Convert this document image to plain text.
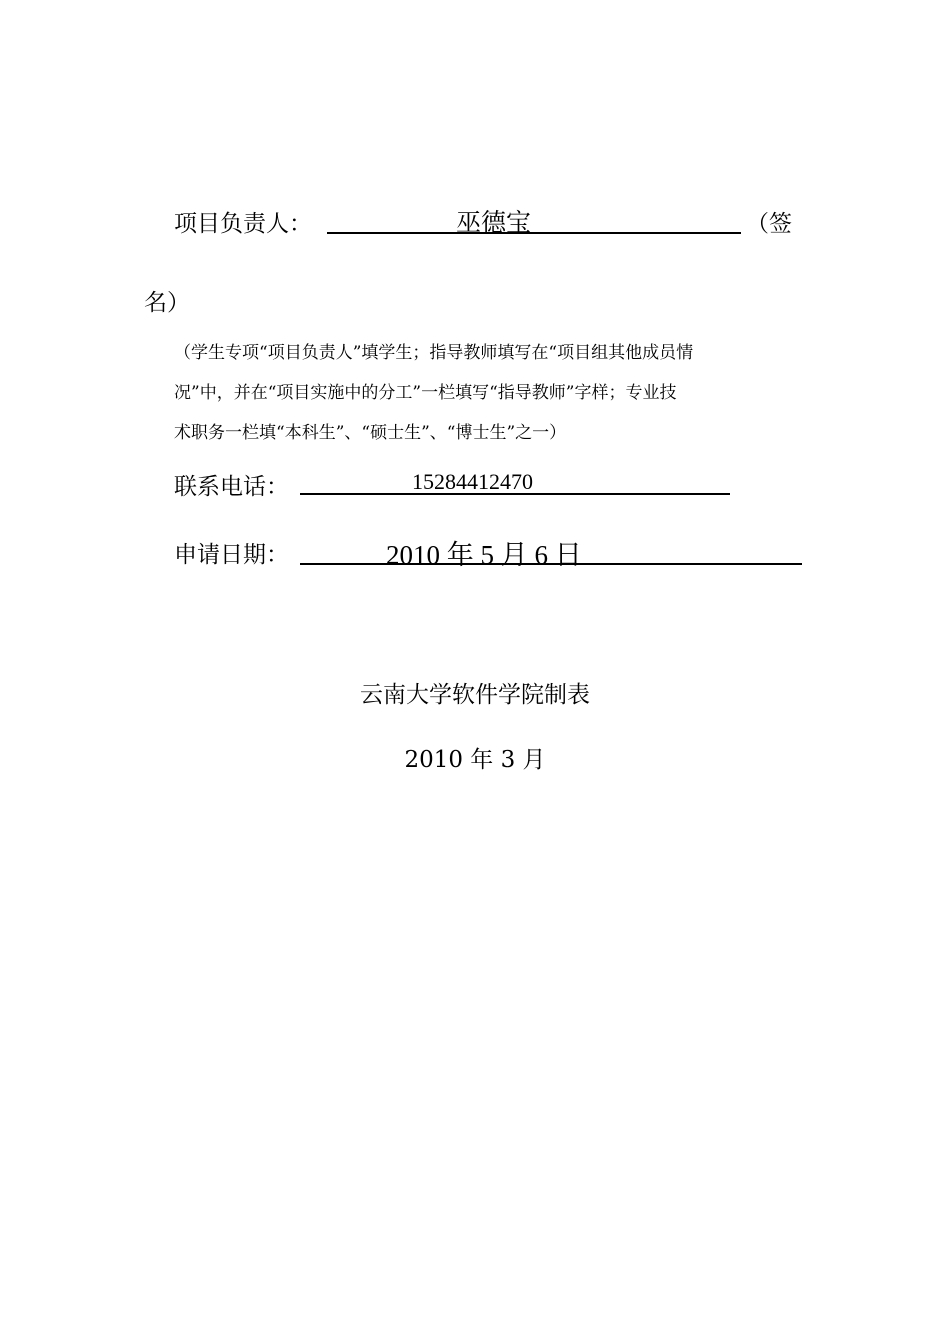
项目负责人：	巫德宝	（签
名）
（学生专项“项目负责人”填学生；指导教师填写在“项目组其他成员情
况”中，并在“项目实施中的分工”一栏填写“指导教师”字样；专业技
术职务一栏填“本科生”、“硕士生”、“博士生”之一）
联系电话：	15284412470
申请日期：	2010 年 5 月 6 日
云南大学软件学院制表
2010 年 3 月
